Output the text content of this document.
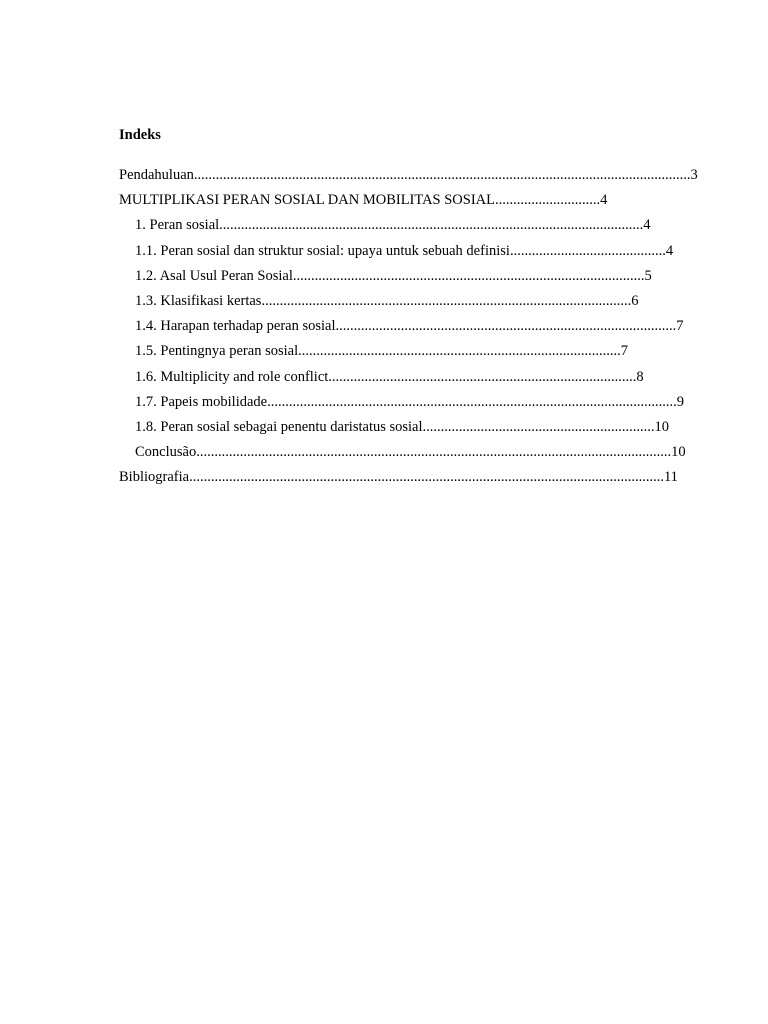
Indeks
Pendahuluan.........................................................................................................................................3
MULTIPLIKASI PERAN SOSIAL DAN MOBILITAS SOSIAL.............................4
1. Peran sosial.....................................................................................................................4
1.1. Peran sosial dan struktur sosial: upaya untuk sebuah definisi...........................................4
1.2. Asal Usul Peran Sosial.................................................................................................5
1.3. Klasifikasi kertas......................................................................................................6
1.4. Harapan terhadap peran sosial..............................................................................................7
1.5. Pentingnya peran sosial.........................................................................................7
1.6. Multiplicity and role conflict.....................................................................................8
1.7. Papeis mobilidade.................................................................................................................9
1.8. Peran sosial sebagai penentu daristatus sosial................................................................10
Conclusão...................................................................................................................................10
Bibliografia...................................................................................................................................11
